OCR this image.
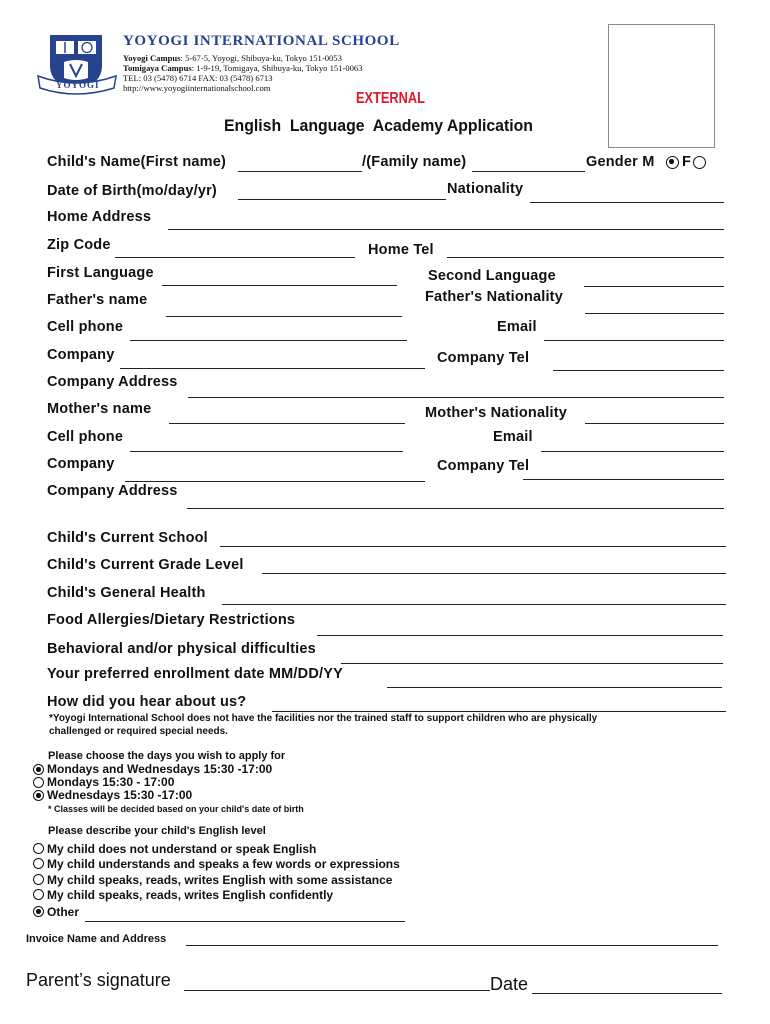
YOYOGI
YOYOGI INTERNATIONAL SCHOOL
Yoyogi Campus: 5-67-5, Yoyogi, Shibuya-ku, Tokyo 151-0053
Tomigaya Campus: 1-9-19, Tomigaya, Shibuya-ku, Tokyo 151-0063
TEL: 03 (5478) 6714 FAX: 03 (5478) 6713
http://www.yoyogiinternationalschool.com
EXTERNAL
English  Language  Academy Application
Child's Name(First name)	/(Family name)	Gender M F
Date of Birth(mo/day/yr)	Nationality
Home Address
Zip Code	Home Tel
First Language	Second Language
Father's name	Father's Nationality
Cell phone	Email
Company	Company Tel
Company Address
Mother's name	Mother's Nationality
Cell phone	Email
Company	Company Tel
Company Address
Child's Current School
Child's Current Grade Level
Child's General Health
Food Allergies/Dietary Restrictions
Behavioral and/or physical difficulties
Your preferred enrollment date MM/DD/YY
How did you hear about us?
*Yoyogi International School does not have the facilities nor the trained staff to support children who are physically
challenged or required special needs.
Please choose the days you wish to apply for
Mondays and Wednesdays 15:30 -17:00
Mondays 15:30 - 17:00
Wednesdays 15:30 -17:00
* Classes will be decided based on your child's date of birth
Please describe your child's English level
My child does not understand or speak English
My child understands and speaks a few words or expressions
My child speaks, reads, writes English with some assistance
My child speaks, reads, writes English confidently
Other
Invoice Name and Address
Parent’s signature	Date
